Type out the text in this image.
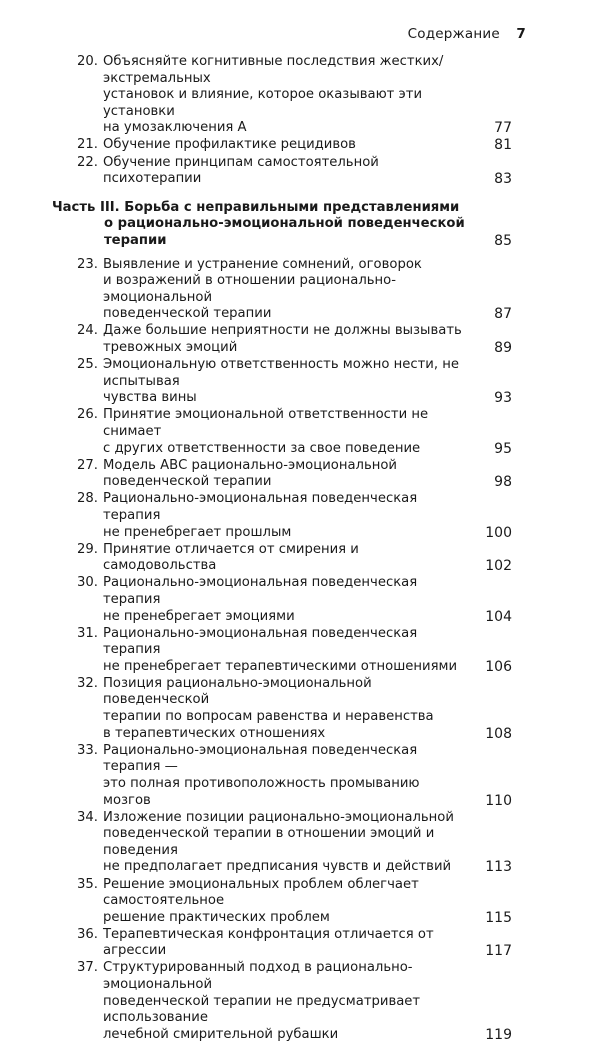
Содержание 7
20. Объясняйте когнитивные последствия жестких/экстремальных
установок и влияние, которое оказывают эти установки
на умозаключения А	77
21. Обучение профилактике рецидивов	81
22. Обучение принципам самостоятельной психотерапии	83
Часть III. Борьба с неправильными представлениями
о рационально-эмоциональной поведенческой
терапии	85
23. Выявление и устранение сомнений, оговорок
и возражений в отношении рационально-эмоциональной
поведенческой терапии	87
24. Даже большие неприятности не должны вызывать
тревожных эмоций	89
25. Эмоциональную ответственность можно нести, не испытывая
чувства вины	93
26. Принятие эмоциональной ответственности не снимает
с других ответственности за свое поведение	95
27. Модель АВС рационально-эмоциональной
поведенческой терапии	98
28. Рационально-эмоциональная поведенческая терапия
не пренебрегает прошлым	100
29. Принятие отличается от смирения и самодовольства	102
30. Рационально-эмоциональная поведенческая терапия
не пренебрегает эмоциями	104
31. Рационально-эмоциональная поведенческая терапия
не пренебрегает терапевтическими отношениями	106
32. Позиция рационально-эмоциональной поведенческой
терапии по вопросам равенства и неравенства
в терапевтических отношениях	108
33. Рационально-эмоциональная поведенческая терапия —
это полная противоположность промыванию мозгов	110
34. Изложение позиции рационально-эмоциональной
поведенческой терапии в отношении эмоций и поведения
не предполагает предписания чувств и действий	113
35. Решение эмоциональных проблем облегчает самостоятельное
решение практических проблем	115
36. Терапевтическая конфронтация отличается от агрессии	117
37. Структурированный подход в рационально-эмоциональной
поведенческой терапии не предусматривает использование
лечебной смирительной рубашки	119
